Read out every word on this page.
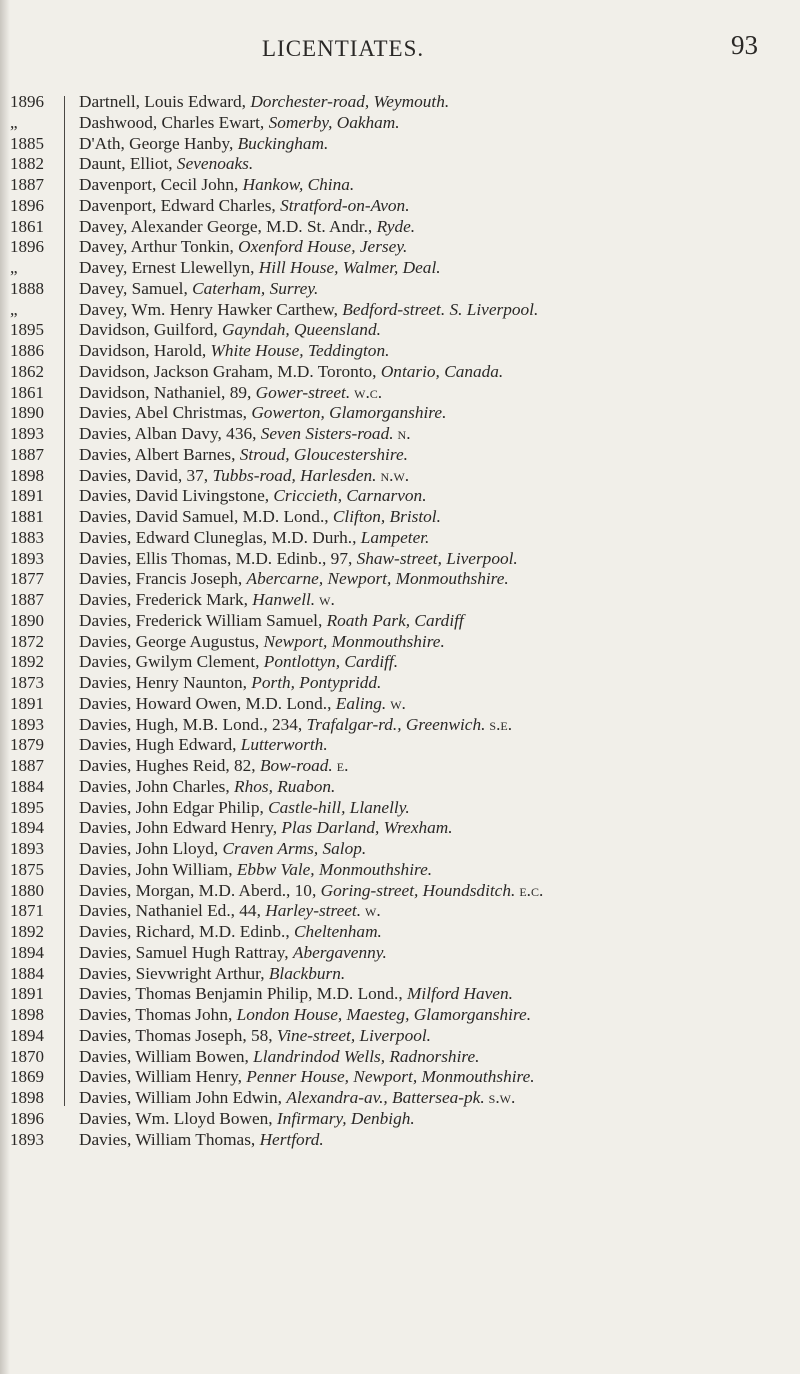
LICENTIATES.	93
1896
„
1885
1882
1887
1896
1861
1896
„
1888
„
1895
1886
1862
1861
1890
1893
1887
1898
1891
1881
1883
1893
1877
1887
1890
1872
1892
1873
1891
1893
1879
1887
1884
1895
1894
1893
1875
1880
1871
1892
1894
1884
1891
1898
1894
1870
1869
1898
1896
1893
Dartnell, Louis Edward, Dorchester-road, Weymouth.
Dashwood, Charles Ewart, Somerby, Oakham.
D'Ath, George Hanby, Buckingham.
Daunt, Elliot, Sevenoaks.
Davenport, Cecil John, Hankow, China.
Davenport, Edward Charles, Stratford-on-Avon.
Davey, Alexander George, M.D. St. Andr., Ryde.
Davey, Arthur Tonkin, Oxenford House, Jersey.
Davey, Ernest Llewellyn, Hill House, Walmer, Deal.
Davey, Samuel, Caterham, Surrey.
Davey, Wm. Henry Hawker Carthew, Bedford-street. S. Liverpool.
Davidson, Guilford, Gayndah, Queensland.
Davidson, Harold, White House, Teddington.
Davidson, Jackson Graham, M.D. Toronto, Ontario, Canada.
Davidson, Nathaniel, 89, Gower-street. w.c.
Davies, Abel Christmas, Gowerton, Glamorganshire.
Davies, Alban Davy, 436, Seven Sisters-road. n.
Davies, Albert Barnes, Stroud, Gloucestershire.
Davies, David, 37, Tubbs-road, Harlesden. n.w.
Davies, David Livingstone, Criccieth, Carnarvon.
Davies, David Samuel, M.D. Lond., Clifton, Bristol.
Davies, Edward Cluneglas, M.D. Durh., Lampeter.
Davies, Ellis Thomas, M.D. Edinb., 97, Shaw-street, Liverpool.
Davies, Francis Joseph, Abercarne, Newport, Monmouthshire.
Davies, Frederick Mark, Hanwell. w.
Davies, Frederick William Samuel, Roath Park, Cardiff
Davies, George Augustus, Newport, Monmouthshire.
Davies, Gwilym Clement, Pontlottyn, Cardiff.
Davies, Henry Naunton, Porth, Pontypridd.
Davies, Howard Owen, M.D. Lond., Ealing. w.
Davies, Hugh, M.B. Lond., 234, Trafalgar-rd., Greenwich. s.e.
Davies, Hugh Edward, Lutterworth.
Davies, Hughes Reid, 82, Bow-road. e.
Davies, John Charles, Rhos, Ruabon.
Davies, John Edgar Philip, Castle-hill, Llanelly.
Davies, John Edward Henry, Plas Darland, Wrexham.
Davies, John Lloyd, Craven Arms, Salop.
Davies, John William, Ebbw Vale, Monmouthshire.
Davies, Morgan, M.D. Aberd., 10, Goring-street, Houndsditch. e.c.
Davies, Nathaniel Ed., 44, Harley-street. w.
Davies, Richard, M.D. Edinb., Cheltenham.
Davies, Samuel Hugh Rattray, Abergavenny.
Davies, Sievwright Arthur, Blackburn.
Davies, Thomas Benjamin Philip, M.D. Lond., Milford Haven.
Davies, Thomas John, London House, Maesteg, Glamorganshire.
Davies, Thomas Joseph, 58, Vine-street, Liverpool.
Davies, William Bowen, Llandrindod Wells, Radnorshire.
Davies, William Henry, Penner House, Newport, Monmouthshire.
Davies, William John Edwin, Alexandra-av., Battersea-pk. s.w.
Davies, Wm. Lloyd Bowen, Infirmary, Denbigh.
Davies, William Thomas, Hertford.
